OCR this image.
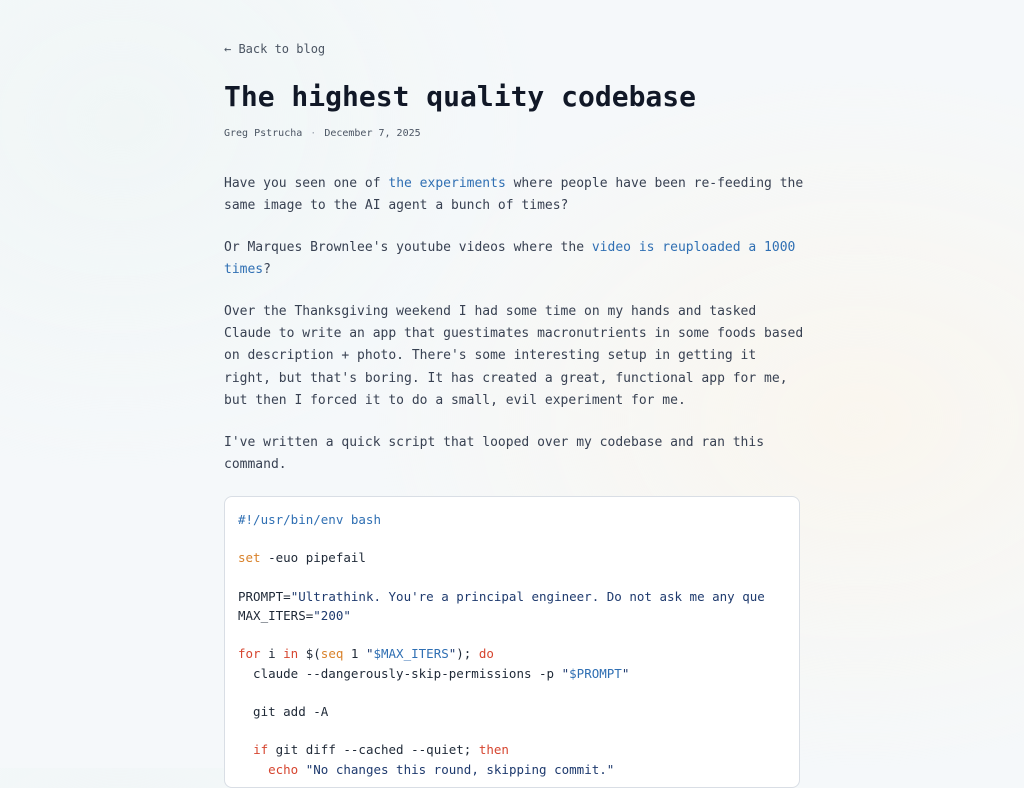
← Back to blog
The highest quality codebase
Greg Pstrucha · December 7, 2025

Have you seen one of the experiments where people have been re-feeding the same image to the AI agent a bunch of times?

Or Marques Brownlee's youtube videos where the video is reuploaded a 1000 times?

Over the Thanksgiving weekend I had some time on my hands and tasked Claude to write an app that guestimates macronutrients in some foods based on description + photo. There's some interesting setup in getting it right, but that's boring. It has created a great, functional app for me, but then I forced it to do a small, evil experiment for me.

I've written a quick script that looped over my codebase and ran this command.

#!/usr/bin/env bash

set -euo pipefail

PROMPT="Ultrathink. You're a principal engineer. Do not ask me any que
MAX_ITERS="200"

for i in $(seq 1 "$MAX_ITERS"); do
claude --dangerously-skip-permissions -p "$PROMPT"

git add -A

if git diff --cached --quiet; then
echo "No changes this round, skipping commit."
